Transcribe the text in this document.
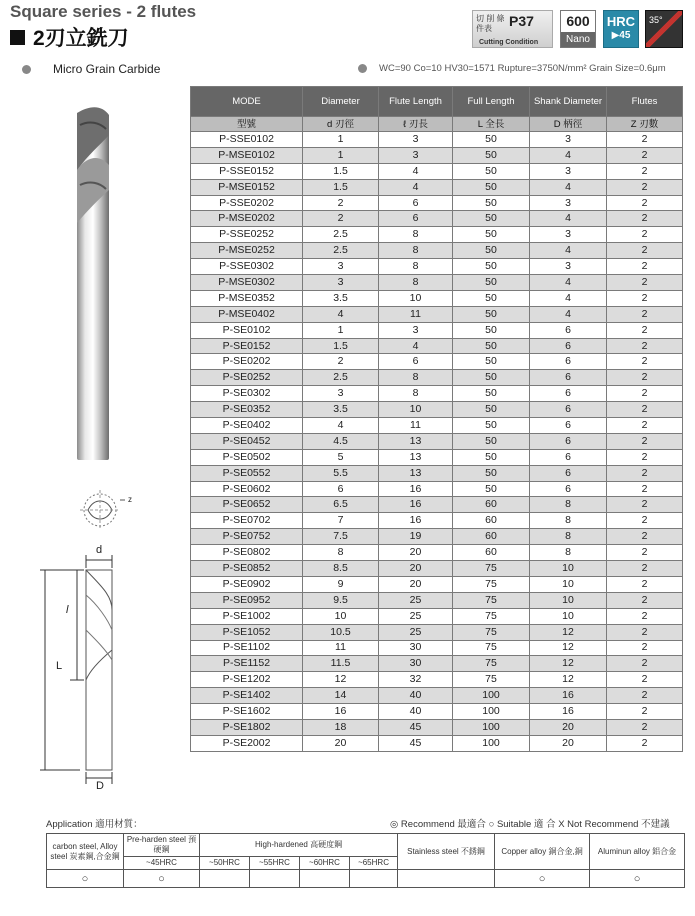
Square series - 2 flutes
2刃立銑刀
切 削 條件表	P37
Cutting Condition
600
Nano
HRC
▶45
35°
Micro Grain Carbide	WC=90 Co=10 HV30=1571 Rupture=3750N/mm² Grain Size=0.6μm
z
d
l
L
D
MODE	Diameter	Flute Length	Full Length	Shank Diameter	Flutes
型號	d 刃徑	ℓ 刃長	L 全長	D 柄徑	Z 刃數
P-SSE0102	1	3	50	3	2
P-MSE0102	1	3	50	4	2
P-SSE0152	1.5	4	50	3	2
P-MSE0152	1.5	4	50	4	2
P-SSE0202	2	6	50	3	2
P-MSE0202	2	6	50	4	2
P-SSE0252	2.5	8	50	3	2
P-MSE0252	2.5	8	50	4	2
P-SSE0302	3	8	50	3	2
P-MSE0302	3	8	50	4	2
P-MSE0352	3.5	10	50	4	2
P-MSE0402	4	11	50	4	2
P-SE0102	1	3	50	6	2
P-SE0152	1.5	4	50	6	2
P-SE0202	2	6	50	6	2
P-SE0252	2.5	8	50	6	2
P-SE0302	3	8	50	6	2
P-SE0352	3.5	10	50	6	2
P-SE0402	4	11	50	6	2
P-SE0452	4.5	13	50	6	2
P-SE0502	5	13	50	6	2
P-SE0552	5.5	13	50	6	2
P-SE0602	6	16	50	6	2
P-SE0652	6.5	16	60	8	2
P-SE0702	7	16	60	8	2
P-SE0752	7.5	19	60	8	2
P-SE0802	8	20	60	8	2
P-SE0852	8.5	20	75	10	2
P-SE0902	9	20	75	10	2
P-SE0952	9.5	25	75	10	2
P-SE1002	10	25	75	10	2
P-SE1052	10.5	25	75	12	2
P-SE1102	11	30	75	12	2
P-SE1152	11.5	30	75	12	2
P-SE1202	12	32	75	12	2
P-SE1402	14	40	100	16	2
P-SE1602	16	40	100	16	2
P-SE1802	18	45	100	20	2
P-SE2002	20	45	100	20	2
Application 適用材質：	◎ Recommend 最適合 ○ Suitable 適 合 X Not Recommend 不建議
carbon steel, Alloy steel 炭素鋼,合金鋼	Pre-harden steel 預硬鋼	High-hardened 高硬度鋼				Stainless steel 不銹鋼	Copper alloy 銅合金,銅	Aluminun alloy 鋁合金
	~45HRC	~50HRC	~55HRC	~60HRC	~65HRC			
○	○						○	○
